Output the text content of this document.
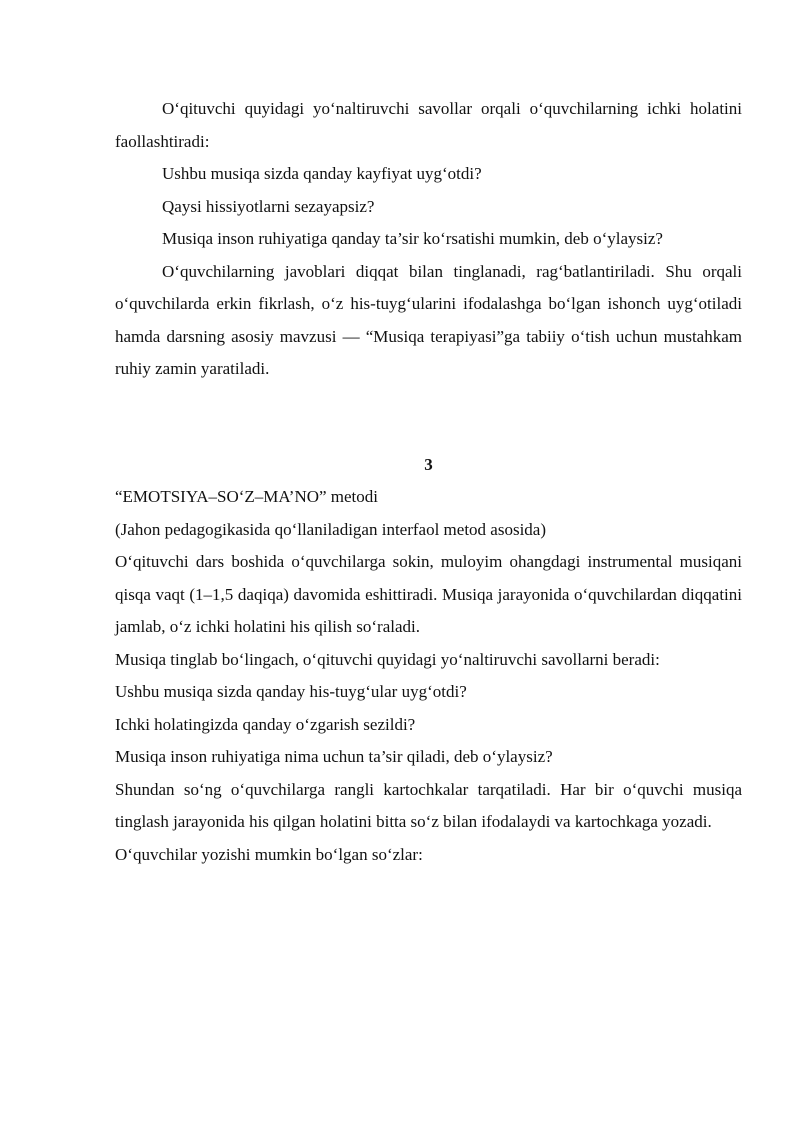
O‘qituvchi quyidagi yo‘naltiruvchi savollar orqali o‘quvchilarning ichki holatini faollashtiradi:

Ushbu musiqa sizda qanday kayfiyat uyg‘otdi?

Qaysi hissiyotlarni sezayapsiz?

Musiqa inson ruhiyatiga qanday ta’sir ko‘rsatishi mumkin, deb o‘ylaysiz?

O‘quvchilarning javoblari diqqat bilan tinglanadi, rag‘batlantiriladi. Shu orqali o‘quvchilarda erkin fikrlash, o‘z his-tuyg‘ularini ifodalashga bo‘lgan ishonch uyg‘otiladi hamda darsning asosiy mavzusi — “Musiqa terapiyasi”ga tabiiy o‘tish uchun mustahkam ruhiy zamin yaratiladi.

3

“EMOTSIYA–SO‘Z–MA’NO” metodi

(Jahon pedagogikasida qo‘llaniladigan interfaol metod asosida)

O‘qituvchi dars boshida o‘quvchilarga sokin, muloyim ohangdagi instrumental musiqani qisqa vaqt (1–1,5 daqiqa) davomida eshittiradi. Musiqa jarayonida o‘quvchilardan diqqatini jamlab, o‘z ichki holatini his qilish so‘raladi.

Musiqa tinglab bo‘lingach, o‘qituvchi quyidagi yo‘naltiruvchi savollarni beradi:

Ushbu musiqa sizda qanday his-tuyg‘ular uyg‘otdi?

Ichki holatingizda qanday o‘zgarish sezildi?

Musiqa inson ruhiyatiga nima uchun ta’sir qiladi, deb o‘ylaysiz?

Shundan so‘ng o‘quvchilarga rangli kartochkalar tarqatiladi. Har bir o‘quvchi musiqa tinglash jarayonida his qilgan holatini bitta so‘z bilan ifodalaydi va kartochkaga yozadi.

O‘quvchilar yozishi mumkin bo‘lgan so‘zlar:
